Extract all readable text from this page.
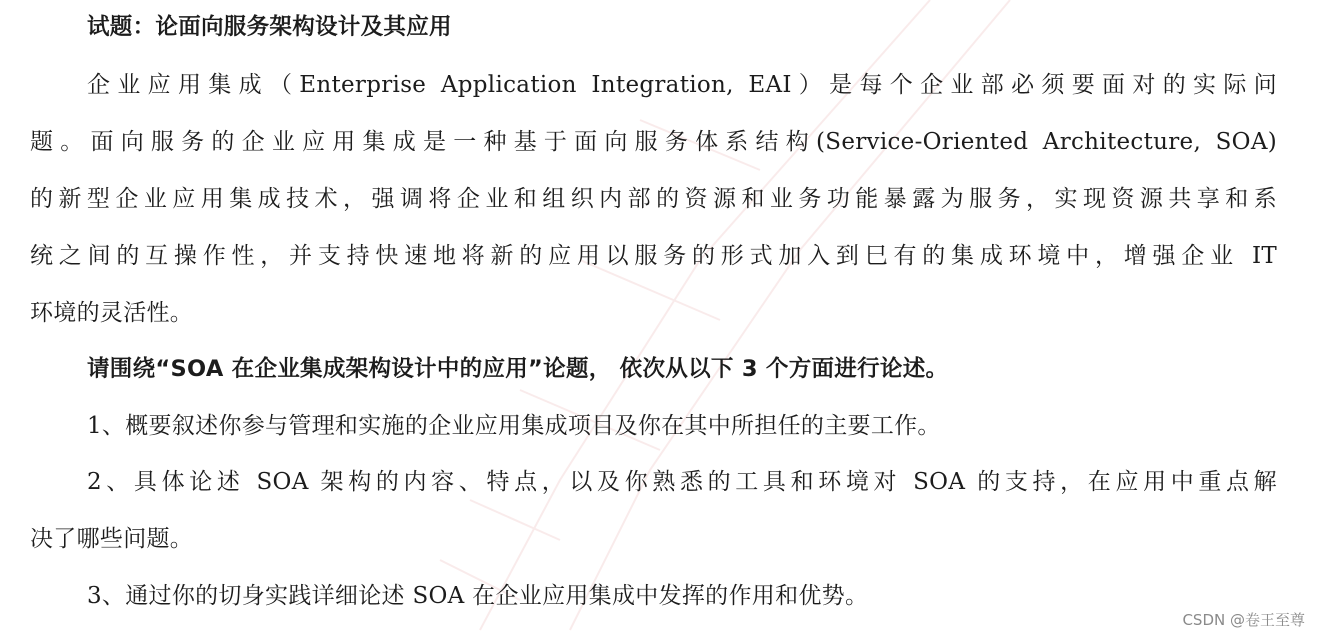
试题：论面向服务架构设计及其应用
企业应用集成（Enterprise Application Integration, EAI）是每个企业部必须要面对的实际问
题。面向服务的企业应用集成是一种基于面向服务体系结构(Service-Oriented Architecture, SOA)
的新型企业应用集成技术，强调将企业和组织内部的资源和业务功能暴露为服务，实现资源共享和系
统之间的互操作性，并支持快速地将新的应用以服务的形式加入到巳有的集成环境中，增强企业 IT
环境的灵活性。
请围绕“SOA 在企业集成架构设计中的应用”论题， 依次从以下 3 个方面进行论述。
1、概要叙述你参与管理和实施的企业应用集成项目及你在其中所担任的主要工作。
2、具体论述 SOA 架构的内容、特点，以及你熟悉的工具和环境对 SOA 的支持，在应用中重点解
决了哪些问题。
3、通过你的切身实践详细论述 SOA 在企业应用集成中发挥的作用和优势。
CSDN @卷王至尊
